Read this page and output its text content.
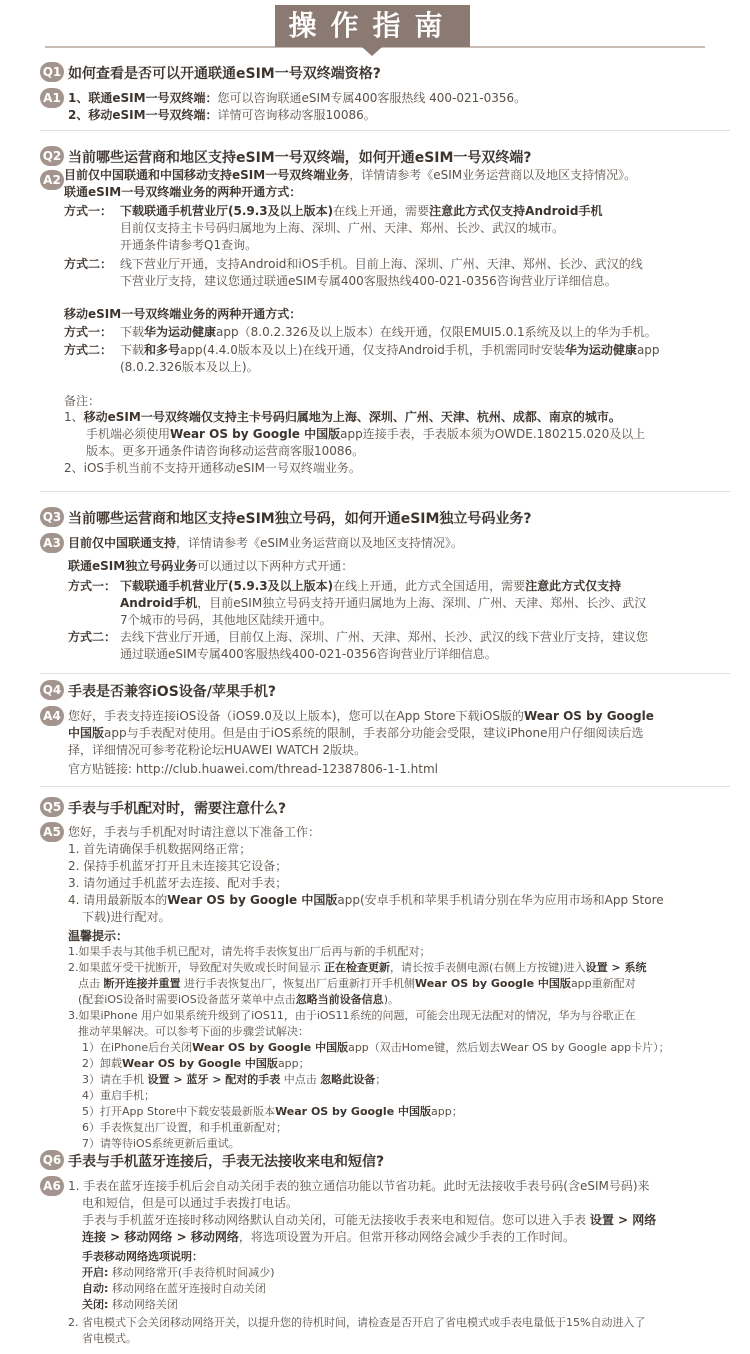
操作指南
Q1 如何查看是否可以开通联通eSIM一号双终端资格?
A1 1、联通eSIM一号双终端：您可以咨询联通eSIM专属400客服热线 400-021-0356。
2、移动eSIM一号双终端：详情可咨询移动客服10086。
Q2 当前哪些运营商和地区支持eSIM一号双终端，如何开通eSIM一号双终端?
A2 目前仅中国联通和中国移动支持eSIM一号双终端业务，详情请参考《eSIM业务运营商以及地区支持情况》。
联通eSIM一号双终端业务的两种开通方式：
方式一： 下载联通手机营业厅(5.9.3及以上版本)在线上开通，需要注意此方式仅支持Android手机
目前仅支持主卡号码归属地为上海、深圳、广州、天津、郑州、长沙、武汉的城市。
开通条件请参考Q1查询。
方式二： 线下营业厅开通，支持Android和iOS手机。目前上海、深圳、广州、天津、郑州、长沙、武汉的线
下营业厅支持，建议您通过联通eSIM专属400客服热线400-021-0356咨询营业厅详细信息。
移动eSIM一号双终端业务的两种开通方式：
方式一： 下载华为运动健康app（8.0.2.326及以上版本）在线开通，仅限EMUI5.0.1系统及以上的华为手机。
方式二： 下载和多号app(4.4.0版本及以上)在线开通，仅支持Android手机，手机需同时安装华为运动健康app
(8.0.2.326版本及以上)。
备注：
1、移动eSIM一号双终端仅支持主卡号码归属地为上海、深圳、广州、天津、杭州、成都、南京的城市。
手机端必须使用Wear OS by Google 中国版app连接手表，手表版本须为OWDE.180215.020及以上
版本。更多开通条件请咨询移动运营商客服10086。
2、iOS手机当前不支持开通移动eSIM一号双终端业务。
Q3 当前哪些运营商和地区支持eSIM独立号码，如何开通eSIM独立号码业务?
A3 目前仅中国联通支持，详情请参考《eSIM业务运营商以及地区支持情况》。
联通eSIM独立号码业务可以通过以下两种方式开通：
方式一： 下载联通手机营业厅(5.9.3及以上版本)在线上开通，此方式全国适用，需要注意此方式仅支持
Android手机，目前eSIM独立号码支持开通归属地为上海、深圳、广州、天津、郑州、长沙、武汉
7个城市的号码，其他地区陆续开通中。
方式二： 去线下营业厅开通，目前仅上海、深圳、广州、天津、郑州、长沙、武汉的线下营业厅支持，建议您
通过联通eSIM专属400客服热线400-021-0356咨询营业厅详细信息。
Q4 手表是否兼容iOS设备/苹果手机?
A4 您好，手表支持连接iOS设备（iOS9.0及以上版本)，您可以在App Store下载iOS版的Wear OS by Google
中国版app与手表配对使用。但是由于iOS系统的限制，手表部分功能会受限，建议iPhone用户仔细阅读后选
择，详细情况可参考花粉论坛HUAWEI WATCH 2版块。
官方贴链接: http://club.huawei.com/thread-12387806-1-1.html
Q5 手表与手机配对时，需要注意什么?
A5 您好，手表与手机配对时请注意以下准备工作：
1. 首先请确保手机数据网络正常；
2. 保持手机蓝牙打开且未连接其它设备；
3. 请勿通过手机蓝牙去连接、配对手表；
4. 请用最新版本的Wear OS by Google 中国版app(安卓手机和苹果手机请分别在华为应用市场和App Store
下载)进行配对。
温馨提示：
1.如果手表与其他手机已配对，请先将手表恢复出厂后再与新的手机配对；
2.如果蓝牙受干扰断开，导致配对失败或长时间显示 正在检查更新，请长按手表侧电源(右侧上方按键)进入设置 > 系统
点击 断开连接并重置 进行手表恢复出厂，恢复出厂后重新打开手机侧Wear OS by Google 中国版app重新配对
(配套iOS设备时需要iOS设备蓝牙菜单中点击忽略当前设备信息)。
3.如果iPhone 用户如果系统升级到了iOS11，由于iOS11系统的问题，可能会出现无法配对的情况，华为与谷歌正在
推动苹果解决。可以参考下面的步骤尝试解决：
1）在iPhone后台关闭Wear OS by Google 中国版app（双击Home键，然后划去Wear OS by Google app卡片）；
2）卸载Wear OS by Google 中国版app；
3）请在手机 设置 > 蓝牙 > 配对的手表 中点击 忽略此设备；
4）重启手机；
5）打开App Store中下载安装最新版本Wear OS by Google 中国版app；
6）手表恢复出厂设置，和手机重新配对；
7）请等待iOS系统更新后重试。
Q6 手表与手机蓝牙连接后，手表无法接收来电和短信?
A6 1. 手表在蓝牙连接手机后会自动关闭手表的独立通信功能以节省功耗。此时无法接收手表号码(含eSIM号码)来
电和短信，但是可以通过手表拨打电话。
手表与手机蓝牙连接时移动网络默认自动关闭，可能无法接收手表来电和短信。您可以进入手表 设置 > 网络
连接 > 移动网络 > 移动网络，将选项设置为开启。但常开移动网络会减少手表的工作时间。
手表移动网络选项说明：
开启: 移动网络常开(手表待机时间减少)
自动: 移动网络在蓝牙连接时自动关闭
关闭: 移动网络关闭
2. 省电模式下会关闭移动网络开关，以提升您的待机时间，请检查是否开启了省电模式或手表电量低于15%自动进入了
省电模式。
